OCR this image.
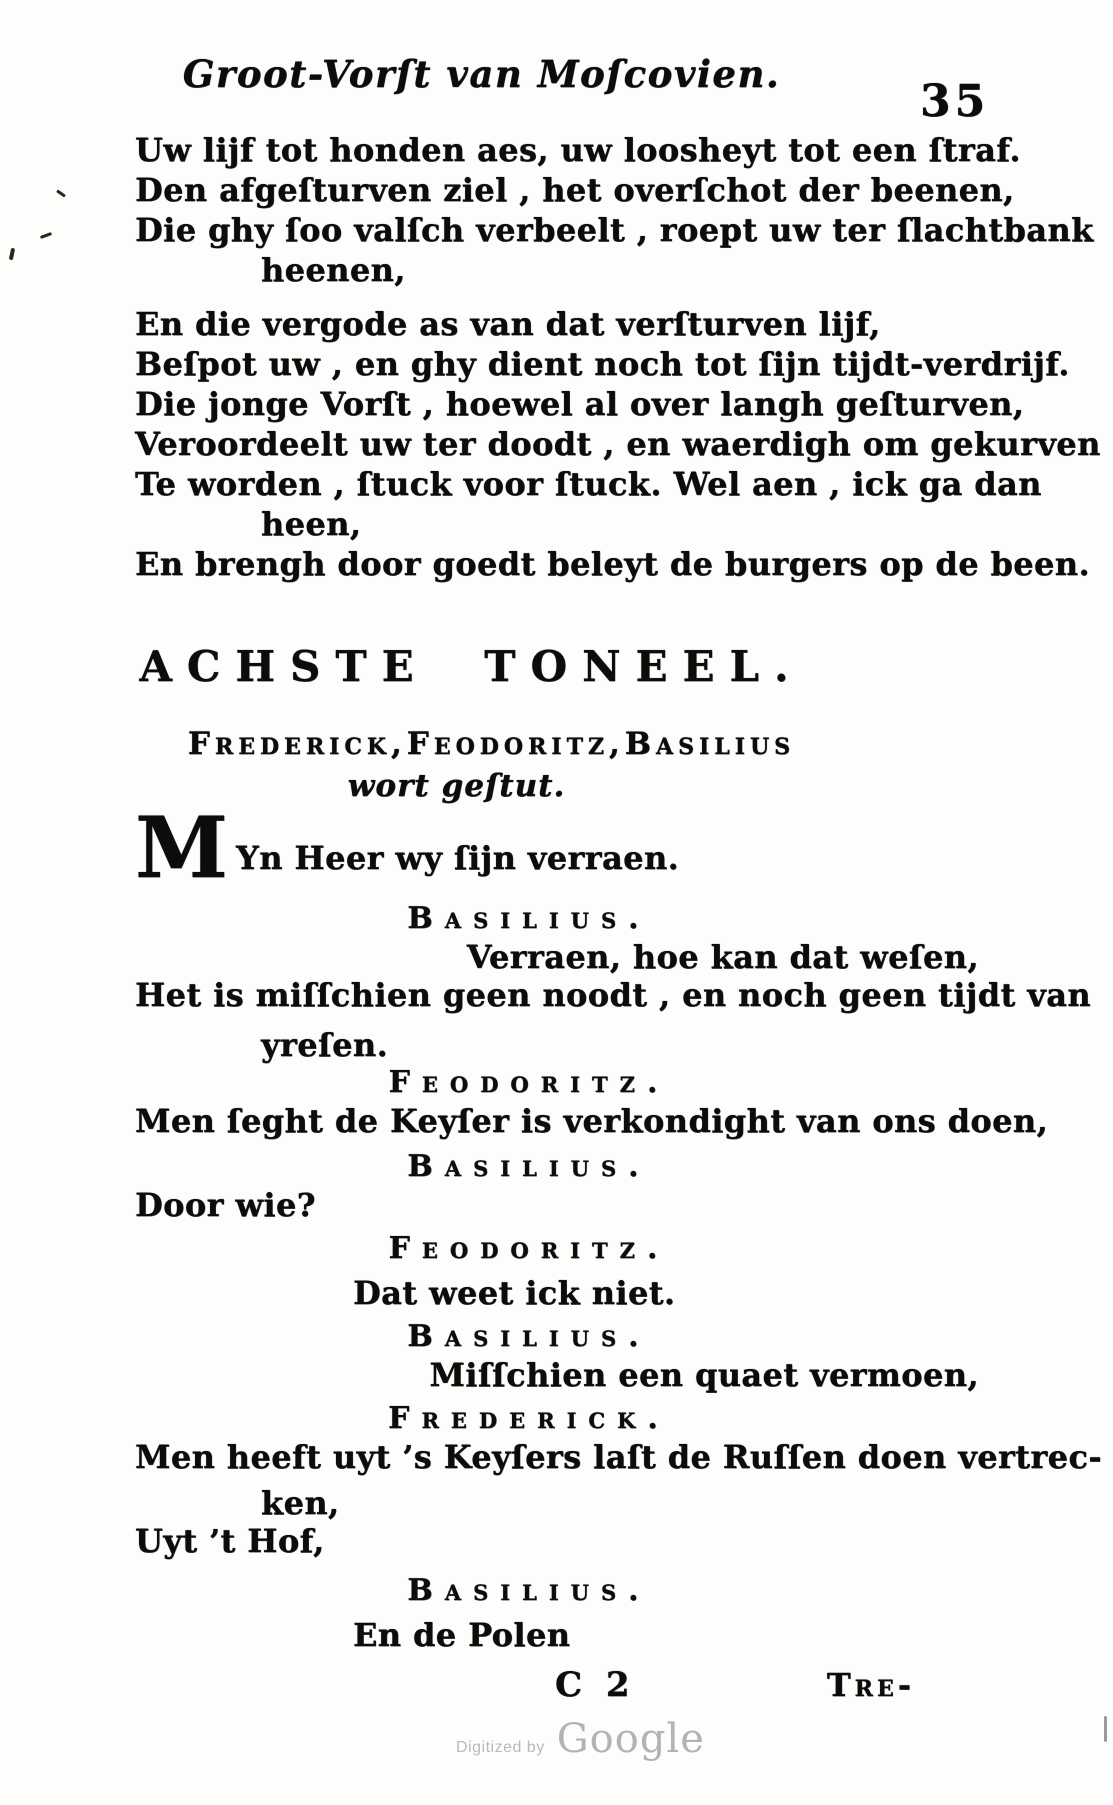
Groot-Vorſt van Moſcovien.
35
Uw lijf tot honden aes, uw loosheyt tot een ſtraf.
Den afgeſturven ziel , het overſchot der beenen,
Die ghy ſoo valſch verbeelt , roept uw ter ſlachtbank
heenen,
En die vergode as van dat verſturven lijf,
Beſpot uw , en ghy dient noch tot ſijn tijdt-verdrijf.
Die jonge Vorſt , hoewel al over langh geſturven,
Veroordeelt uw ter doodt , en waerdigh om gekurven
Te worden , ſtuck voor ſtuck. Wel aen , ick ga dan
heen,
En brengh door goedt beleyt de burgers op de been.
ACHSTE TONEEL.
Frederick,Feodoritz,Basilius
wort geſtut.
M Yn Heer wy ſijn verraen.
Basilius.
Verraen, hoe kan dat weſen,
Het is miſſchien geen noodt , en noch geen tijdt van
yreſen.
Feodoritz.
Men ſeght de Keyſer is verkondight van ons doen,
Basilius.
Door wie?
Feodoritz.
Dat weet ick niet.
Basilius.
Miſſchien een quaet vermoen,
Frederick.
Men heeft uyt ’s Keyſers laſt de Ruſſen doen vertrec-
ken,
Uyt ’t Hof,
Basilius.
En de Polen
C 2	Tre-
Digitized by Google
